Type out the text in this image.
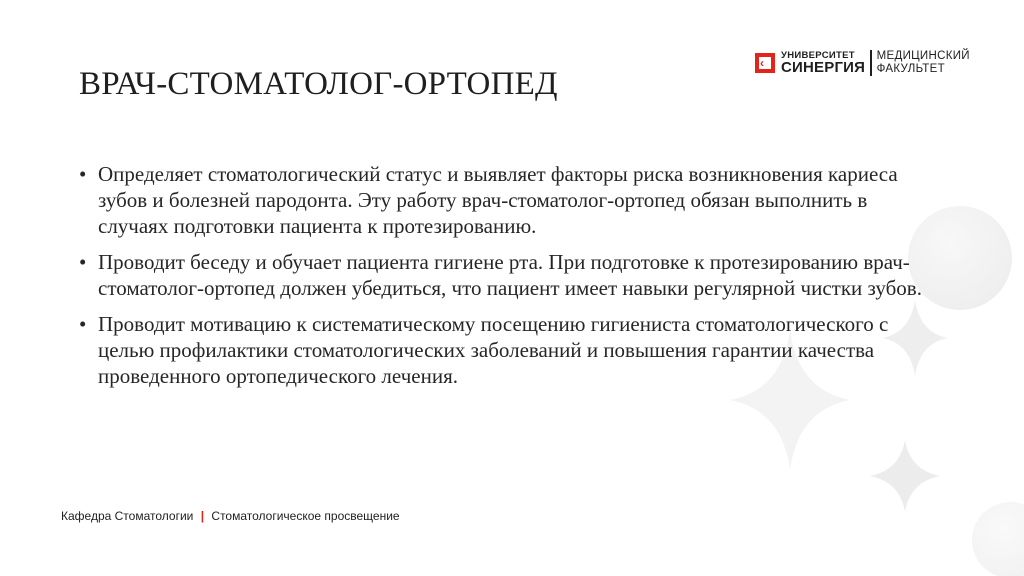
ВРАЧ-СТОМАТОЛОГ-ОРТОПЕД
‹
УНИВЕРСИТЕТ
СИНЕРГИЯ
МЕДИЦИНСКИЙ
ФАКУЛЬТЕТ
• Определяет стоматологический статус и выявляет факторы риска возникновения кариеса зубов и болезней пародонта. Эту работу врач-стоматолог-ортопед обязан выполнить в случаях подготовки пациента к протезированию.
• Проводит беседу и обучает пациента гигиене рта. При подготовке к протезированию врач-стоматолог-ортопед должен убедиться, что пациент имеет навыки регулярной чистки зубов.
• Проводит мотивацию к систематическому посещению гигиениста стоматологического с целью профилактики стоматологических заболеваний и повышения гарантии качества проведенного ортопедического лечения.
Кафедра Стоматологии | Стоматологическое просвещение
